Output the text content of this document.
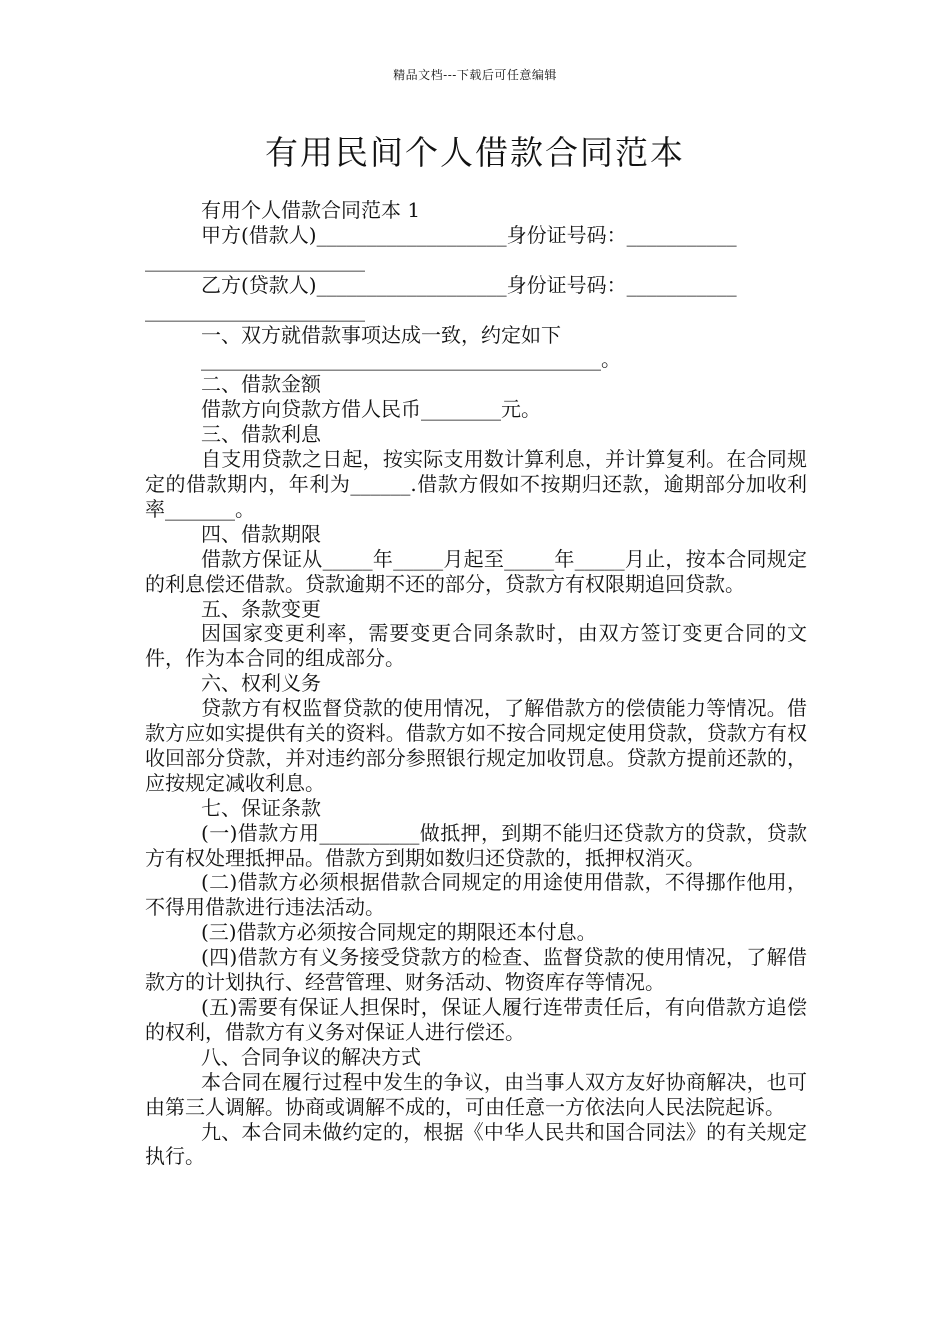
精品文档---下载后可任意编辑
有用民间个人借款合同范本
有用个人借款合同范本 1
甲方(借款人)___________________身份证号码：___________
______________________
乙方(贷款人)___________________身份证号码：___________
______________________
一、双方就借款事项达成一致，约定如下
________________________________________。
二、借款金额
借款方向贷款方借人民币________元。
三、借款利息
自支用贷款之日起，按实际支用数计算利息，并计算复利。在合同规定的借款期内，年利为______.借款方假如不按期归还款，逾期部分加收利率_______。
四、借款期限
借款方保证从_____年_____月起至_____年_____月止，按本合同规定的利息偿还借款。贷款逾期不还的部分，贷款方有权限期追回贷款。
五、条款变更
因国家变更利率，需要变更合同条款时，由双方签订变更合同的文件，作为本合同的组成部分。
六、权利义务
贷款方有权监督贷款的使用情况，了解借款方的偿债能力等情况。借款方应如实提供有关的资料。借款方如不按合同规定使用贷款，贷款方有权收回部分贷款，并对违约部分参照银行规定加收罚息。贷款方提前还款的，应按规定减收利息。
七、保证条款
(一)借款方用__________做抵押，到期不能归还贷款方的贷款，贷款方有权处理抵押品。借款方到期如数归还贷款的，抵押权消灭。
(二)借款方必须根据借款合同规定的用途使用借款，不得挪作他用，不得用借款进行违法活动。
(三)借款方必须按合同规定的期限还本付息。
(四)借款方有义务接受贷款方的检查、监督贷款的使用情况，了解借款方的计划执行、经营管理、财务活动、物资库存等情况。
(五)需要有保证人担保时，保证人履行连带责任后，有向借款方追偿的权利，借款方有义务对保证人进行偿还。
八、合同争议的解决方式
本合同在履行过程中发生的争议，由当事人双方友好协商解决，也可由第三人调解。协商或调解不成的，可由任意一方依法向人民法院起诉。
九、本合同未做约定的，根据《中华人民共和国合同法》的有关规定执行。
